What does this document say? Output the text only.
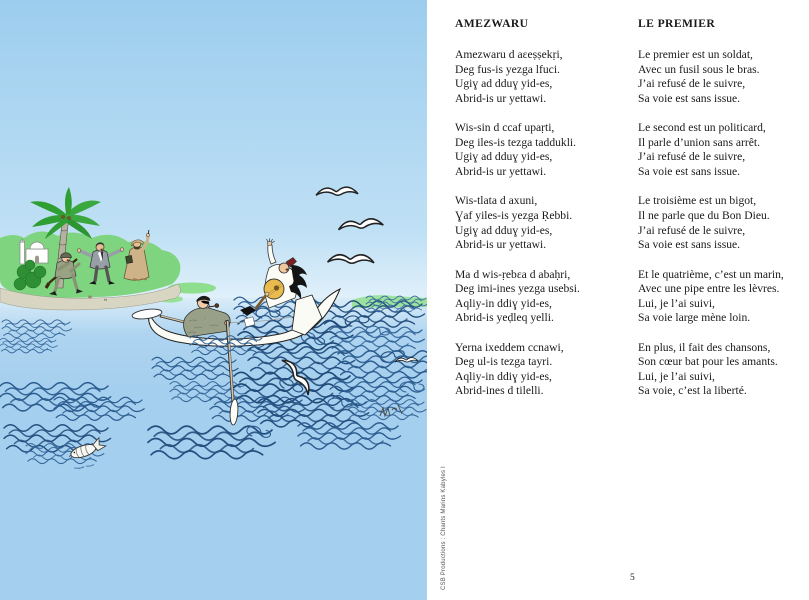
CSB Productions : Chants Marins Kabyles I
AMEZWARU
Amezwaru d aɛeṣṣekṛi,
Deg fus-is yezga lfuci.
Ugiɣ ad dduɣ yid-es,
Abrid-is ur yettawi.
Wis-sin d ccaf upaṛti,
Deg iles-is tezga taddukli.
Ugiɣ ad dduɣ yid-es,
Abrid-is ur yettawi.
Wis-tlata d axuni,
Ɣaf yiles-is yezga Ṛebbi.
Ugiɣ ad dduɣ yid-es,
Abrid-is ur yettawi.
Ma d wis-ṛebɛa d abaḥri,
Deg imi-ines yezga usebsi.
Aqliy-in ddiɣ yid-es,
Abrid-is yeḍleq yelli.
Yerna ixeddem ccnawi,
Deg ul-is tezga tayri.
Aqliy-in ddiɣ yid-es,
Abrid-ines d tilelli.
LE PREMIER
Le premier est un soldat,
Avec un fusil sous le bras.
J’ai refusé de le suivre,
Sa voie est sans issue.
Le second est un politicard,
Il parle d’union sans arrêt.
J’ai refusé de le suivre,
Sa voie est sans issue.
Le troisième est un bigot,
Il ne parle que du Bon Dieu.
J’ai refusé de le suivre,
Sa voie est sans issue.
Et le quatrième, c’est un marin,
Avec une pipe entre les lèvres.
Lui, je l’ai suivi,
Sa voie large mène loin.
En plus, il fait des chansons,
Son cœur bat pour les amants.
Lui, je l’ai suivi,
Sa voie, c’est la liberté.
5
